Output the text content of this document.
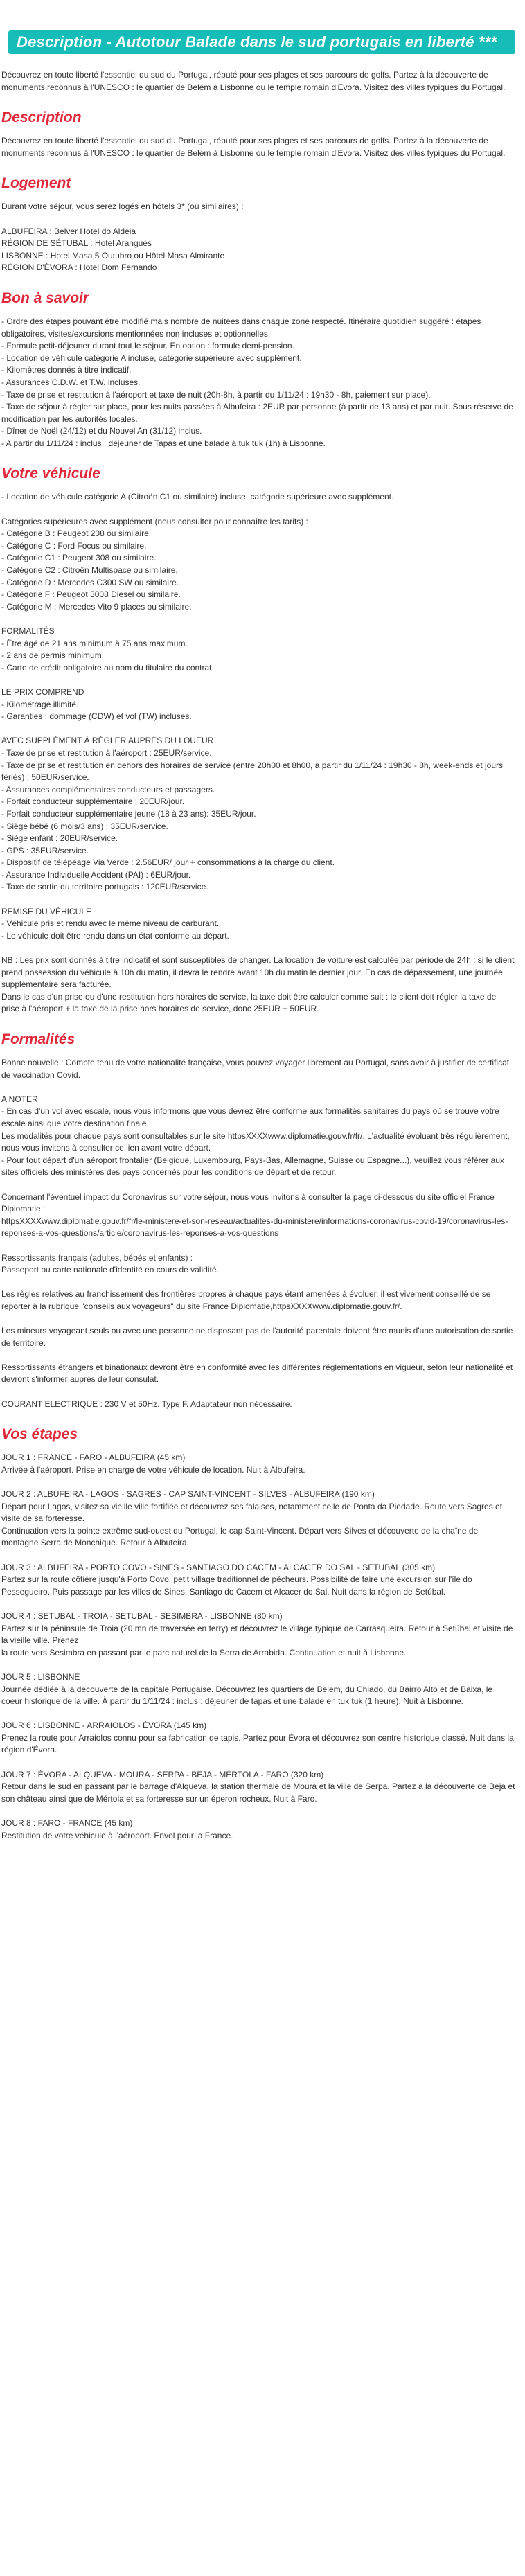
Description - Autotour Balade dans le sud portugais en liberté ***

Découvrez en toute liberté l'essentiel du sud du Portugal, réputé pour ses plages et ses parcours de golfs. Partez à la découverte de monuments reconnus à l'UNESCO : le quartier de Belém à Lisbonne ou le temple romain d'Evora. Visitez des villes typiques du Portugal.

Description

Découvrez en toute liberté l'essentiel du sud du Portugal, réputé pour ses plages et ses parcours de golfs. Partez à la découverte de monuments reconnus à l'UNESCO : le quartier de Belém à Lisbonne ou le temple romain d'Evora. Visitez des villes typiques du Portugal.

Logement

Durant votre séjour, vous serez logés en hôtels 3* (ou similaires) :

ALBUFEIRA : Belver Hotel do Aldeia
RÉGION DE SÉTUBAL : Hotel Arangués
LISBONNE : Hotel Masa 5 Outubro ou Hôtel Masa Almirante
RÉGION D'ÉVORA : Hotel Dom Fernando

Bon à savoir

- Ordre des étapes pouvant être modifié mais nombre de nuitées dans chaque zone respecté. Itinéraire quotidien suggéré : étapes obligatoires, visites/excursions mentionnées non incluses et optionnelles.
- Formule petit-déjeuner durant tout le séjour. En option : formule demi-pension.
- Location de véhicule catégorie A incluse, catégorie supérieure avec supplément.
- Kilomètres donnés à titre indicatif.
- Assurances C.D.W. et T.W. incluses.
- Taxe de prise et restitution à l'aéroport et taxe de nuit (20h-8h, à partir du 1/11/24 : 19h30 - 8h, paiement sur place).
- Taxe de séjour à régler sur place, pour les nuits passées à Albufeira : 2EUR par personne (à partir de 13 ans) et par nuit. Sous réserve de modification par les autorités locales.
- Dîner de Noël (24/12) et du Nouvel An (31/12) inclus.
- A partir du 1/11/24 : inclus : déjeuner de Tapas et une balade à tuk tuk (1h) à Lisbonne.

Votre véhicule

- Location de véhicule catégorie A (Citroën C1 ou similaire) incluse, catégorie supérieure avec supplément.

Catégories supérieures avec supplément (nous consulter pour connaître les tarifs) :
- Catégorie B : Peugeot 208 ou similaire.
- Catégorie C : Ford Focus ou similaire.
- Catégorie C1 : Peugeot 308 ou similaire.
- Catégorie C2 : Citroën Multispace ou similaire.
- Catégorie D : Mercedes C300 SW ou similaire.
- Catégorie F : Peugeot 3008 Diesel ou similaire.
- Catégorie M : Mercedes Vito 9 places ou similaire.

FORMALITÉS
- Être âgé de 21 ans minimum à 75 ans maximum.
- 2 ans de permis minimum.
- Carte de crédit obligatoire au nom du titulaire du contrat.

LE PRIX COMPREND
- Kilométrage illimité.
- Garanties : dommage (CDW) et vol (TW) incluses.

AVEC SUPPLÉMENT À RÉGLER AUPRÈS DU LOUEUR
- Taxe de prise et restitution à l'aéroport : 25EUR/service.
- Taxe de prise et restitution en dehors des horaires de service (entre 20h00 et 8h00, à partir du 1/11/24 : 19h30 - 8h, week-ends et jours fériés) : 50EUR/service.
- Assurances complémentaires conducteurs et passagers.
- Forfait conducteur supplémentaire : 20EUR/jour.
- Forfait conducteur supplémentaire jeune (18 à 23 ans): 35EUR/jour.
- Siège bébé (6 mois/3 ans) : 35EUR/service.
- Siège enfant : 20EUR/service.
- GPS : 35EUR/service.
- Dispositif de télépéage Via Verde : 2.56EUR/ jour + consommations à la charge du client.
- Assurance Individuelle Accident (PAI) : 6EUR/jour.
- Taxe de sortie du territoire portugais : 120EUR/service.

REMISE DU VÉHICULE
- Véhicule pris et rendu avec le même niveau de carburant.
- Le véhicule doit être rendu dans un état conforme au départ.

NB : Les prix sont donnés à titre indicatif et sont susceptibles de changer. La location de voiture est calculée par période de 24h : si le client prend possession du véhicule à 10h du matin, il devra le rendre avant 10h du matin le dernier jour. En cas de dépassement, une journée supplémentaire sera facturée.
Dans le cas d'un prise ou d'une restitution hors horaires de service, la taxe doit être calculer comme suit : le client doit régler la taxe de prise à l'aéroport + la taxe de la prise hors horaires de service, donc 25EUR + 50EUR.

Formalités

Bonne nouvelle : Compte tenu de votre nationalité française, vous pouvez voyager librement au Portugal, sans avoir à justifier de certificat de vaccination Covid.

A NOTER
- En cas d'un vol avec escale, nous vous informons que vous devrez être conforme aux formalités sanitaires du pays où se trouve votre escale ainsi que votre destination finale.
Les modalités pour chaque pays sont consultables sur le site httpsXXXXwww.diplomatie.gouv.fr/fr/. L'actualité évoluant très régulièrement, nous vous invitons à consulter ce lien avant votre départ.
- Pour tout départ d'un aéroport frontalier (Belgique, Luxembourg, Pays-Bas, Allemagne, Suisse ou Espagne...), veuillez vous référer aux sites officiels des ministères des pays concernés pour les conditions de départ et de retour.

Concernant l'éventuel impact du Coronavirus sur votre séjour, nous vous invitons à consulter la page ci-dessous du site officiel France Diplomatie :
httpsXXXXwww.diplomatie.gouv.fr/fr/le-ministere-et-son-reseau/actualites-du-ministere/informations-coronavirus-covid-19/coronavirus-les-reponses-a-vos-questions/article/coronavirus-les-reponses-a-vos-questions

Ressortissants français (adultes, bébés et enfants) :
Passeport ou carte nationale d'identité en cours de validité.

Les règles relatives au franchissement des frontières propres à chaque pays étant amenées à évoluer, il est vivement conseillé de se reporter à la rubrique "conseils aux voyageurs" du site France Diplomatie,httpsXXXXwww.diplomatie.gouv.fr/.

Les mineurs voyageant seuls ou avec une personne ne disposant pas de l'autorité parentale doivent être munis d'une autorisation de sortie de territoire.

Ressortissants étrangers et binationaux devront être en conformité avec les différentes réglementations en vigueur, selon leur nationalité et devront s'informer auprès de leur consulat.

COURANT ELECTRIQUE : 230 V et 50Hz. Type F. Adaptateur non nécessaire.

Vos étapes

JOUR 1 : FRANCE - FARO - ALBUFEIRA (45 km)
Arrivée à l'aéroport. Prise en charge de votre véhicule de location. Nuit à Albufeira.

JOUR 2 : ALBUFEIRA - LAGOS - SAGRES - CAP SAINT-VINCENT - SILVES - ALBUFEIRA (190 km)
Départ pour Lagos, visitez sa vieille ville fortifiée et découvrez ses falaises, notamment celle de Ponta da Piedade. Route vers Sagres et visite de sa forteresse.
Continuation vers la pointe extrême sud-ouest du Portugal, le cap Saint-Vincent. Départ vers Silves et découverte de la chaîne de montagne Serra de Monchique. Retour à Albufeira.

JOUR 3 : ALBUFEIRA - PORTO COVO - SINES - SANTIAGO DO CACEM - ALCACER DO SAL - SETUBAL (305 km)
Partez sur la route côtière jusqu'à Porto Covo, petit village traditionnel de pêcheurs. Possibilité de faire une excursion sur l'île do Pessegueiro. Puis passage par les villes de Sines, Santiago do Cacem et Alcacer do Sal. Nuit dans la région de Setúbal.

JOUR 4 : SETUBAL - TROIA - SETUBAL - SESIMBRA - LISBONNE (80 km)
Partez sur la péninsule de Troia (20 mn de traversée en ferry) et découvrez le village typique de Carrasqueira. Retour à Setúbal et visite de la vieille ville. Prenez
la route vers Sesimbra en passant par le parc naturel de la Serra de Arrabida. Continuation et nuit à Lisbonne.

JOUR 5 : LISBONNE
Journée dédiée à la découverte de la capitale Portugaise. Découvrez les quartiers de Belem, du Chiado, du Bairro Alto et de Baixa, le coeur historique de la ville. À partir du 1/11/24 : inclus : déjeuner de tapas et une balade en tuk tuk (1 heure). Nuit à Lisbonne.

JOUR 6 : LISBONNE - ARRAIOLOS - ÉVORA (145 km)
Prenez la route pour Arraiolos connu pour sa fabrication de tapis. Partez pour Évora et découvrez son centre historique classé. Nuit dans la région d'Évora.

JOUR 7 : ÉVORA - ALQUEVA - MOURA - SERPA - BEJA - MERTOLA - FARO (320 km)
Retour dans le sud en passant par le barrage d'Alqueva, la station thermale de Moura et la ville de Serpa. Partez à la découverte de Beja et son château ainsi que de Mértola et sa forteresse sur un éperon rocheux. Nuit à Faro.

JOUR 8 : FARO - FRANCE (45 km)
Restitution de votre véhicule à l'aéroport. Envol pour la France.
